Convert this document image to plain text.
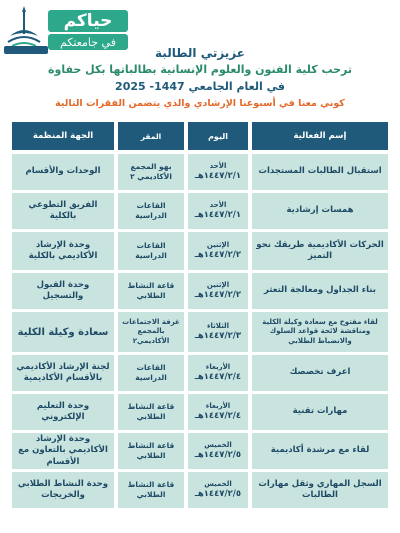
حياكم
في جامعتكم
عزيزتي الطالبة
ترحب كلية الفنون والعلوم الإنسانية بطالباتها بكل حفاوة
في العام الجامعي 1447- 2025
كوني معنا في أسبوعنا الإرشادي والذي يتضمن الفقرات التالية
إسم الفعالية
اليوم
المقر
الجهة المنظمة
استقبال الطالبات المستجدات
الأحد
١٤٤٧/٢/١هـ
بهو المجمع الأكاديمي ٢
الوحدات والأقسام
همسات إرشادية
الأحد
١٤٤٧/٢/١هـ
القاعات الدراسية
الفريق التطوعي بالكلية
الحركات الأكاديمية طريقك نحو التميز
الإثنين
١٤٤٧/٢/٢هـ
القاعات الدراسية
وحدة الإرشاد الأكاديمي بالكلية
بناء الجداول ومعالجة التعثر
الإثنين
١٤٤٧/٢/٢هـ
قاعة النشاط الطلابي
وحدة القبول والتسجيل
لقاء مفتوح مع سعادة وكيلة الكلية ومناقشة لائحة قواعد السلوك والانضباط الطلابي
الثلاثاء
١٤٤٧/٢/٣هـ
غرفة الاجتماعات بالمجمع الأكاديمي٢
سعادة وكيلة الكلية
اعرف تخصصك
الأربعاء
١٤٤٧/٢/٤هـ
القاعات الدراسية
لجنة الإرشاد الأكاديمي بالأقسام الأكاديمية
مهارات تقنية
الأربعاء
١٤٤٧/٢/٤هـ
قاعة النشاط الطلابي
وحدة التعليم الإلكتروني
لقاء مع مرشدة أكاديمية
الخميس
١٤٤٧/٢/٥هـ
قاعة النشاط الطلابي
وحدة الإرشاد الأكاديمي بالتعاون مع الأقسام
السجل المهاري وثقل مهارات الطالبات
الخميس
١٤٤٧/٢/٥هـ
قاعة النشاط الطلابي
وحدة النشاط الطلابي والخريجات
